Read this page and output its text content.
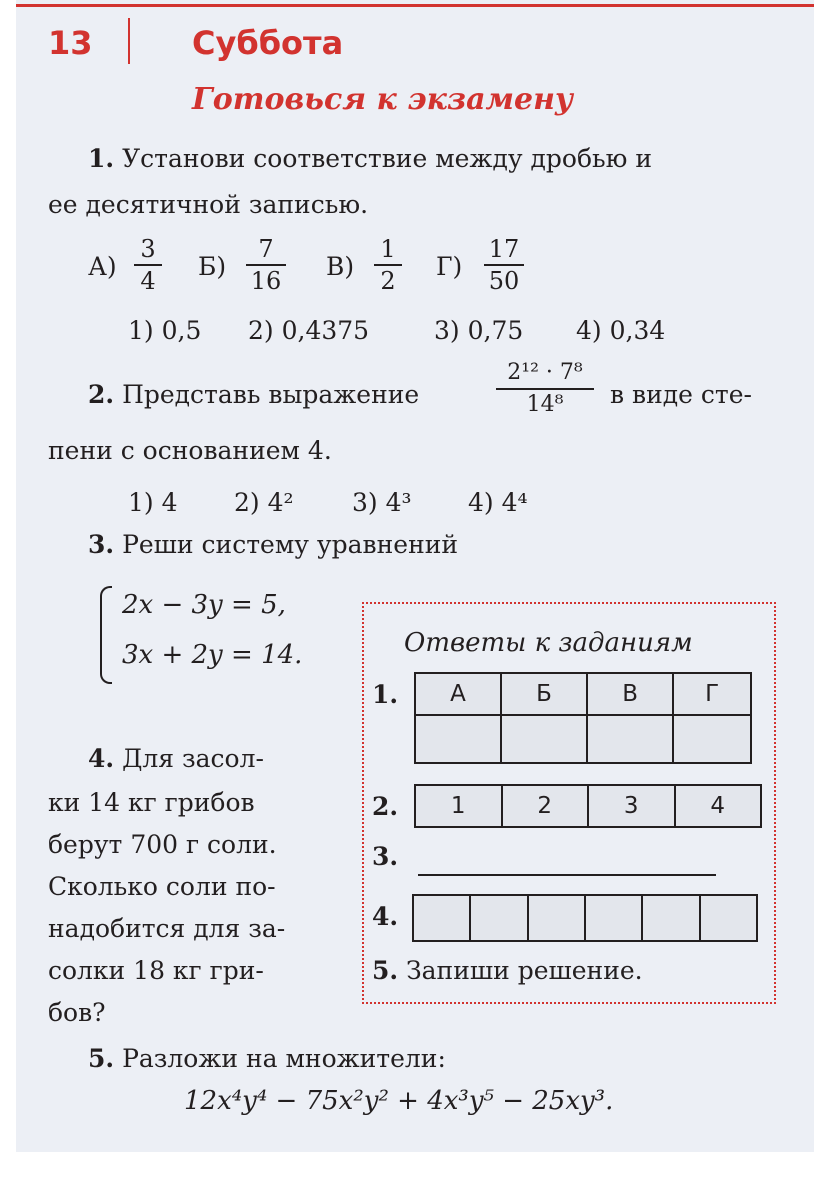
13	Суббота
Готовься к экзамену
1. Установи соответствие между дробью и
ее десятичной записью.
А)
3
4 Б)
7
16 В)
1
2 Г)
17
50
1) 0,5 2) 0,4375	3) 0,75 4) 0,34
2. Представь выражение
2¹² · 7⁸
14⁸	в виде сте-
пени с основанием 4.
1) 4 2) 4² 3) 4³ 4) 4⁴
3. Реши систему уравнений
2x − 3y = 5,
3x + 2y = 14.
4. Для засол-
ки 14 кг грибов
берут 700 г соли.
Сколько соли по-
надобится для за-
солки 18 кг гри-
бов?
Ответы к заданиям
1. А	Б	В	Г

2. 1	2	3	4
3.
4.

5. Запиши решение.
5. Разложи на множители:
12x⁴y⁴ − 75x²y² + 4x³y⁵ − 25xy³.
